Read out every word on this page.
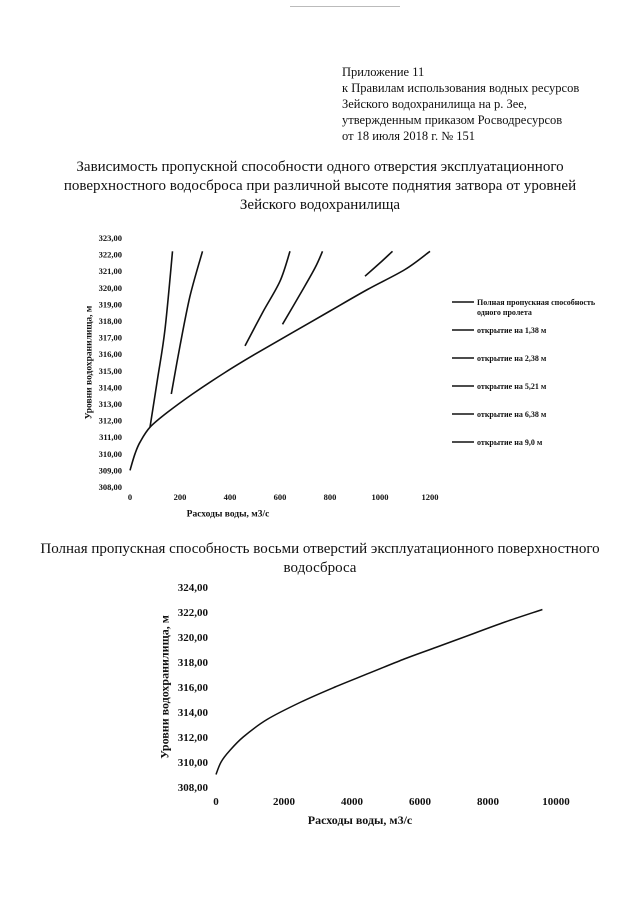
Приложение 11
к Правилам использования водных ресурсов
Зейского водохранилища на р. Зее,
утвержденным приказом Росводресурсов
от 18 июля 2018 г. № 151
Зависимость пропускной способности одного отверстия эксплуатационного поверхностного водосброса при различной высоте поднятия затвора от уровней Зейского водохранилища
Полная пропускная способность восьми отверстий эксплуатационного поверхностного водосброса
308,00
309,00
310,00
311,00
312,00
313,00
314,00
315,00
316,00
317,00
318,00
319,00
320,00
321,00
322,00
323,00
0	200	400	600	800	1000	1200
Расходы воды, м3/с
Уровни водохранилища, м
Полная пропускная способность
одного пролета
открытие на 1,38 м
открытие на 2,38 м
открытие на 5,21 м
открытие на 6,38 м
открытие на 9,0 м
308,00
310,00
312,00
314,00
316,00
318,00
320,00
322,00
324,00
0	2000	4000	6000	8000	10000
Расходы воды, м3/с
Уровни водохранилища, м
